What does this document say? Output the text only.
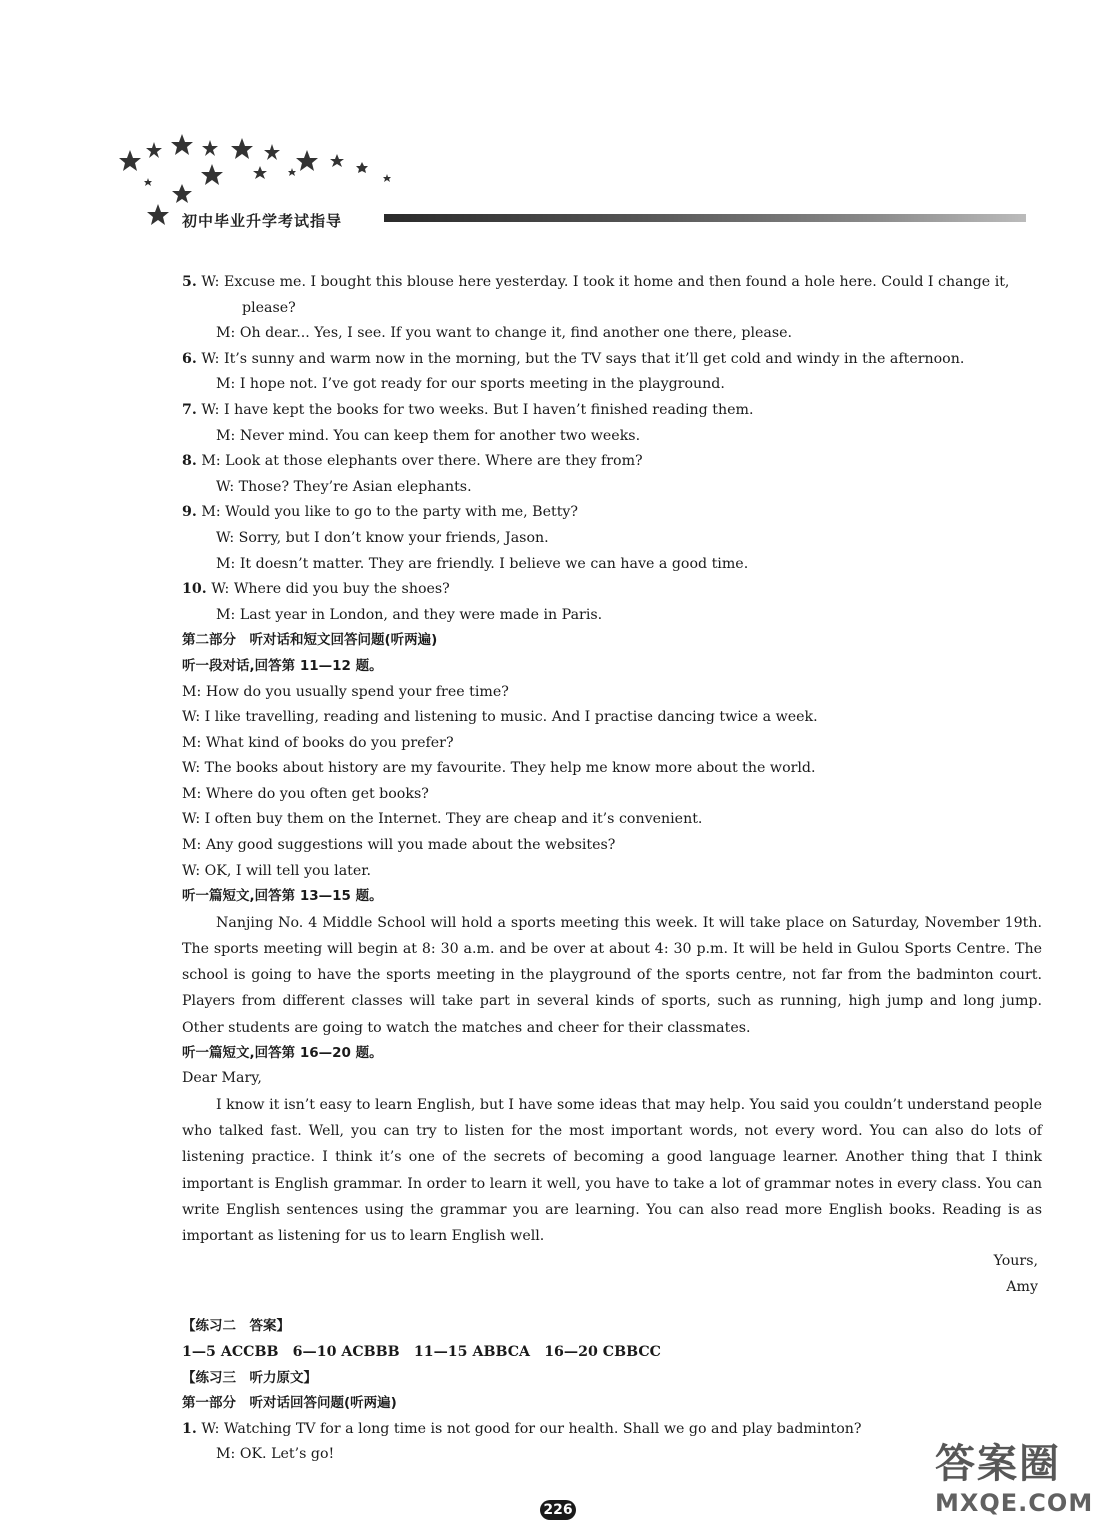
初中毕业升学考试指导
5. W: Excuse me. I bought this blouse here yesterday. I took it home and then found a hole here. Could I change it,
please?
M: Oh dear... Yes, I see. If you want to change it, find another one there, please.
6. W: It’s sunny and warm now in the morning, but the TV says that it’ll get cold and windy in the afternoon.
M: I hope not. I’ve got ready for our sports meeting in the playground.
7. W: I have kept the books for two weeks. But I haven’t finished reading them.
M: Never mind. You can keep them for another two weeks.
8. M: Look at those elephants over there. Where are they from?
W: Those? They’re Asian elephants.
9. M: Would you like to go to the party with me, Betty?
W: Sorry, but I don’t know your friends, Jason.
M: It doesn’t matter. They are friendly. I believe we can have a good time.
10. W: Where did you buy the shoes?
M: Last year in London, and they were made in Paris.
第二部分　听对话和短文回答问题(听两遍)
听一段对话,回答第 11—12 题。
M: How do you usually spend your free time?
W: I like travelling, reading and listening to music. And I practise dancing twice a week.
M: What kind of books do you prefer?
W: The books about history are my favourite. They help me know more about the world.
M: Where do you often get books?
W: I often buy them on the Internet. They are cheap and it’s convenient.
M: Any good suggestions will you made about the websites?
W: OK, I will tell you later.
听一篇短文,回答第 13—15 题。
Nanjing No. 4 Middle School will hold a sports meeting this week. It will take place on Saturday, November 19th. The sports meeting will begin at 8: 30 a.m. and be over at about 4: 30 p.m. It will be held in Gulou Sports Centre. The school is going to have the sports meeting in the playground of the sports centre, not far from the badminton court. Players from different classes will take part in several kinds of sports, such as running, high jump and long jump. Other students are going to watch the matches and cheer for their classmates.
听一篇短文,回答第 16—20 题。
Dear Mary,
I know it isn’t easy to learn English, but I have some ideas that may help. You said you couldn’t understand people who talked fast. Well, you can try to listen for the most important words, not every word. You can also do lots of listening practice. I think it’s one of the secrets of becoming a good language learner. Another thing that I think important is English grammar. In order to learn it well, you have to take a lot of grammar notes in every class. You can write English sentences using the grammar you are learning. You can also read more English books. Reading is as important as listening for us to learn English well.
Yours,
Amy
【练习二　答案】
1—5 ACCBB　6—10 ACBBB　11—15 ABBCA　16—20 CBBCC
【练习三　听力原文】
第一部分　听对话回答问题(听两遍)
1. W: Watching TV for a long time is not good for our health. Shall we go and play badminton?
M: OK. Let’s go!
226
答案圈
MXQE.COM
